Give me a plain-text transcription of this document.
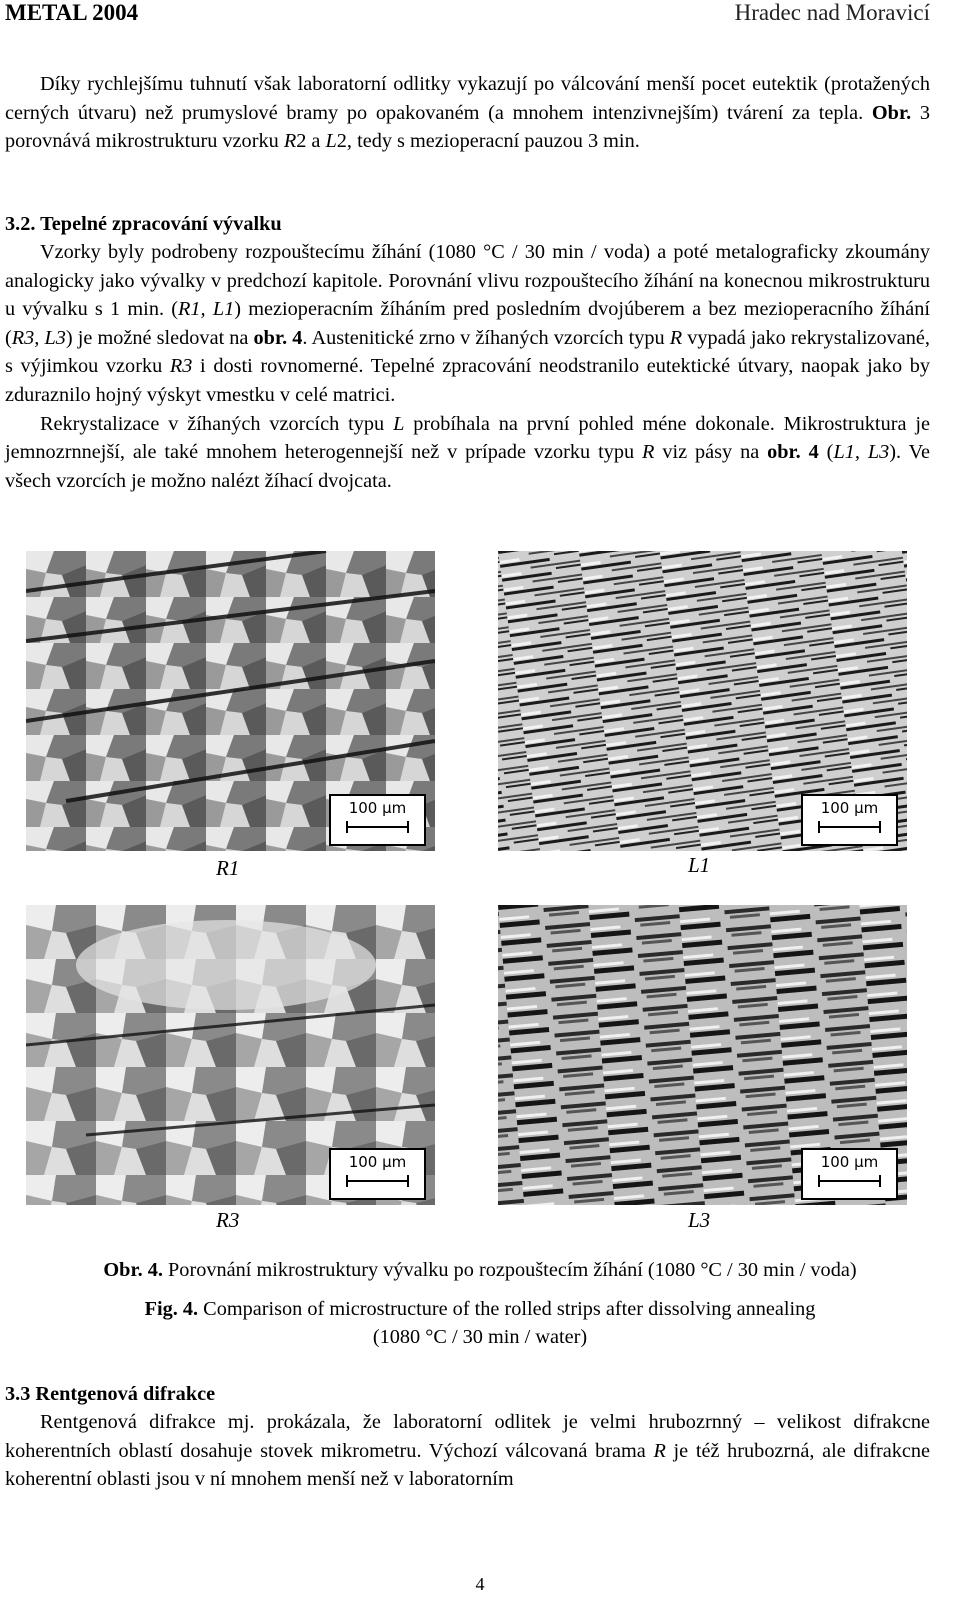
METAL 2004	Hradec nad Moravicí

Díky rychlejšímu tuhnutí však laboratorní odlitky vykazují po válcování menší pocet eutektik (protažených cerných útvaru) než prumyslové bramy po opakovaném (a mnohem intenzivnejším) tvárení za tepla. Obr. 3 porovnává mikrostrukturu vzorku R2 a L2, tedy s mezioperacní pauzou 3 min.

3.2. Tepelné zpracování vývalku

Vzorky byly podrobeny rozpouštecímu žíhání (1080 °C / 30 min / voda) a poté metalograficky zkoumány analogicky jako vývalky v predchozí kapitole. Porovnání vlivu rozpouštecího žíhání na konecnou mikrostrukturu u vývalku s 1 min. (R1, L1) mezioperacním žíháním pred posledním dvojúberem a bez mezioperacního žíhání (R3, L3) je možné sledovat na obr. 4. Austenitické zrno v žíhaných vzorcích typu R vypadá jako rekrystalizované, s výjimkou vzorku R3 i dosti rovnomerné. Tepelné zpracování neodstranilo eutektické útvary, naopak jako by zduraznilo hojný výskyt vmestku v celé matrici.

Rekrystalizace v žíhaných vzorcích typu L probíhala na první pohled méne dokonale. Mikrostruktura je jemnozrnnejší, ale také mnohem heterogennejší než v prípade vzorku typu R viz pásy na obr. 4 (L1, L3). Ve všech vzorcích je možno nalézt žíhací dvojcata.

100 µm	100 µm
R1	L1
100 µm	100 µm
R3	L3
Obr. 4. Porovnání mikrostruktury vývalku po rozpouštecím žíhání (1080 °C / 30 min / voda)
Fig. 4. Comparison of microstructure of the rolled strips after dissolving annealing
(1080 °C / 30 min / water)
3.3 Rentgenová difrakce

Rentgenová difrakce mj. prokázala, že laboratorní odlitek je velmi hrubozrnný – velikost difrakcne koherentních oblastí dosahuje stovek mikrometru. Výchozí válcovaná brama R je též hrubozrná, ale difrakcne koherentní oblasti jsou v ní mnohem menší než v laboratorním

4
